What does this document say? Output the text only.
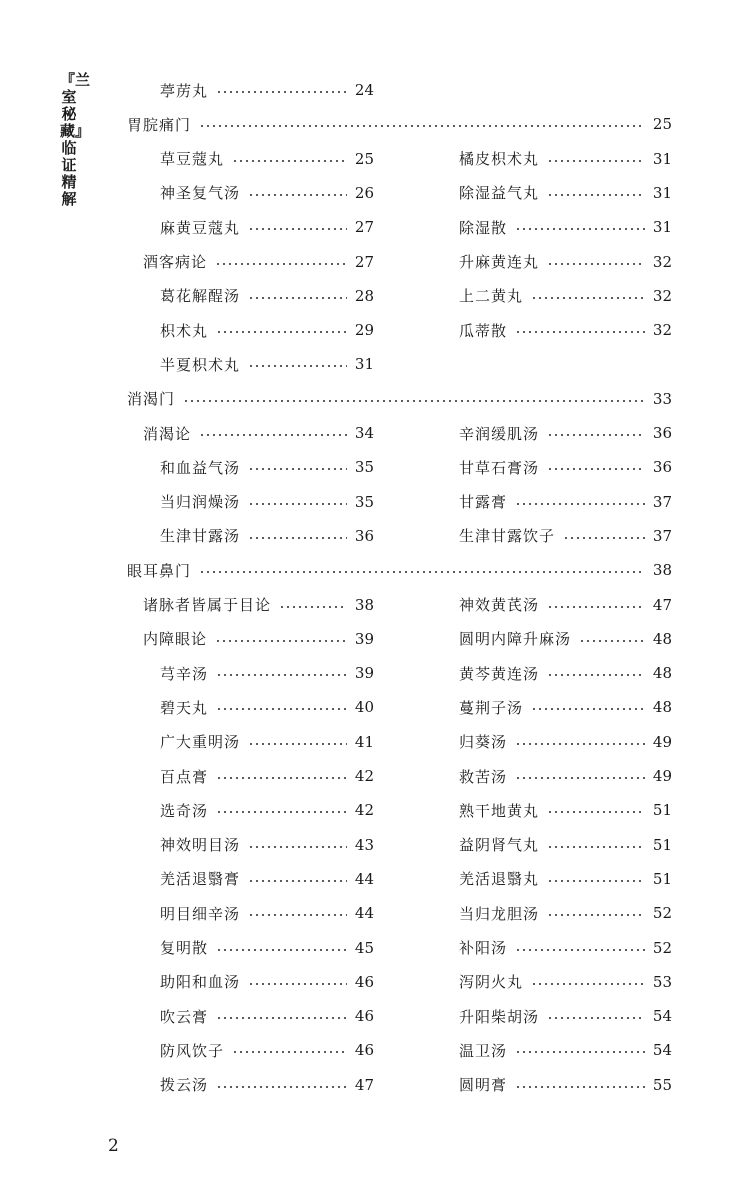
『兰室秘藏』临证精解
葶苈丸	24
胃脘痛门	25
草豆蔻丸	25
神圣复气汤	26
麻黄豆蔻丸	27
酒客病论	27
葛花解酲汤	28
枳术丸	29
半夏枳术丸	31
橘皮枳术丸	31
除湿益气丸	31
除湿散	31
升麻黄连丸	32
上二黄丸	32
瓜蒂散	32
消渴门	33
消渴论	34
和血益气汤	35
当归润燥汤	35
生津甘露汤	36
辛润缓肌汤	36
甘草石膏汤	36
甘露膏	37
生津甘露饮子	37
眼耳鼻门	38
诸脉者皆属于目论	38
内障眼论	39
芎辛汤	39
碧天丸	40
广大重明汤	41
百点膏	42
选奇汤	42
神效明目汤	43
羌活退翳膏	44
明目细辛汤	44
复明散	45
助阳和血汤	46
吹云膏	46
防风饮子	46
拨云汤	47
神效黄芪汤	47
圆明内障升麻汤	48
黄芩黄连汤	48
蔓荆子汤	48
归葵汤	49
救苦汤	49
熟干地黄丸	51
益阴肾气丸	51
羌活退翳丸	51
当归龙胆汤	52
补阳汤	52
泻阴火丸	53
升阳柴胡汤	54
温卫汤	54
圆明膏	55
2
